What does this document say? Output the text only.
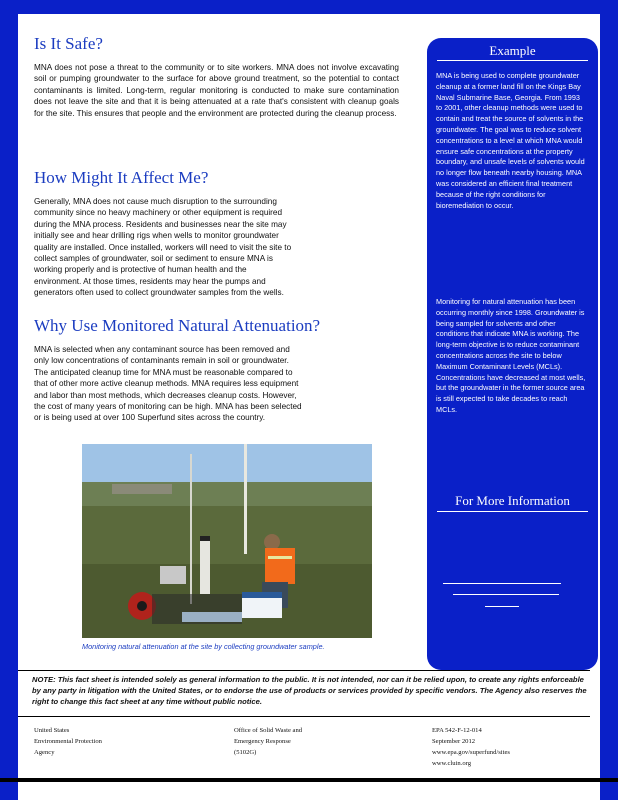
Is It Safe?

MNA does not pose a threat to the community or to site workers. MNA does not involve excavating soil or pumping groundwater to the surface for above ground treatment, so the potential to contact contaminants is limited. Long-term, regular monitoring is conducted to make sure contamination does not leave the site and that it is being attenuated at a rate that's consistent with cleanup goals for the site. This ensures that people and the environment are protected during the cleanup process.

How Might It Affect Me?

Generally, MNA does not cause much disruption to the surrounding community since no heavy machinery or other equipment is required during the MNA process. Residents and businesses near the site may initially see and hear drilling rigs when wells to monitor groundwater quality are installed. Once installed, workers will need to visit the site to collect samples of groundwater, soil or sediment to ensure MNA is working properly and is protective of human health and the environment. At those times, residents may hear the pumps and generators often used to collect groundwater samples from the wells.

Why Use Monitored Natural Attenuation?

MNA is selected when any contaminant source has been removed and only low concentrations of contaminants remain in soil or groundwater. The anticipated cleanup time for MNA must be reasonable compared to that of other more active cleanup methods. MNA requires less equipment and labor than most methods, which decreases cleanup costs. However, the cost of many years of monitoring can be high. MNA has been selected or is being used at over 100 Superfund sites across the country.

Monitoring natural attenuation at the site by collecting groundwater sample.
Example

MNA is being used to complete groundwater cleanup at a former land fill on the Kings Bay Naval Submarine Base, Georgia. From 1993 to 2001, other cleanup methods were used to contain and treat the source of solvents in the groundwater. The goal was to reduce solvent concentrations to a level at which MNA would ensure safe concentrations at the property boundary, and unsafe levels of solvents would no longer flow beneath nearby housing. MNA was considered an efficient final treatment because of the right conditions for bioremediation to occur.

Monitoring for natural attenuation has been occurring monthly since 1998. Groundwater is being sampled for solvents and other conditions that indicate MNA is working. The long-term objective is to reduce contaminant concentrations across the site to below Maximum Contaminant Levels (MCLs). Concentrations have decreased at most wells, but the groundwater in the former source area is still expected to take decades to reach MCLs.

For More Information

NOTE: This fact sheet is intended solely as general information to the public. It is not intended, nor can it be relied upon, to create any rights enforceable by any party in litigation with the United States, or to endorse the use of products or services provided by specific vendors. The Agency also reserves the right to change this fact sheet at any time without public notice.

United States
Environmental Protection
Agency
Office of Solid Waste and
Emergency Response
(5102G)
EPA 542-F-12-014
September 2012
www.epa.gov/superfund/sites
www.cluin.org
